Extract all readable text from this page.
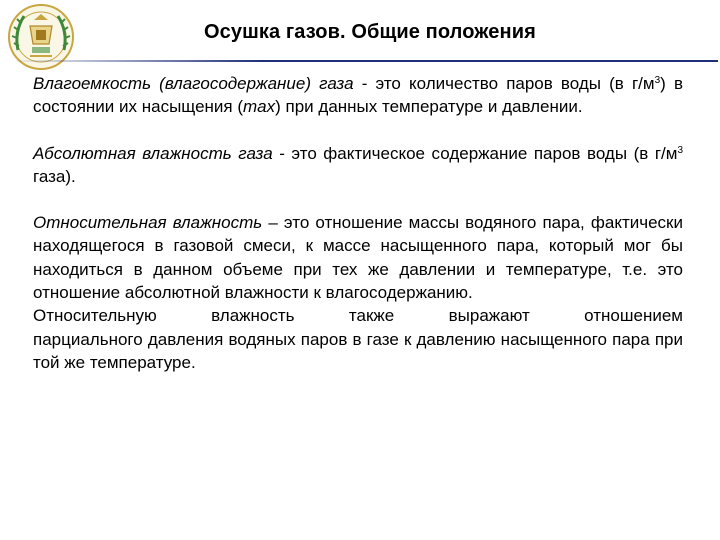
Осушка газов. Общие положения

Влагоемкость (влагосодержание) газа - это количество паров воды (в $г/м^3$) в состоянии их насыщения (max) при данных температуре и давлении.

Абсолютная влажность газа - это фактическое содержание паров воды (в $г/м^3$ газа).

Относительная влажность – это отношение массы водяного пара, фактически находящегося в газовой смеси, к массе насыщенного пара, который мог бы находиться в данном объеме при тех же давлении и температуре, т.е. это отношение абсолютной влажности к влагосодержанию.

Относительную влажность также выражают отношением

парциального давления водяных паров в газе к давлению насыщенного пара при той же температуре.
